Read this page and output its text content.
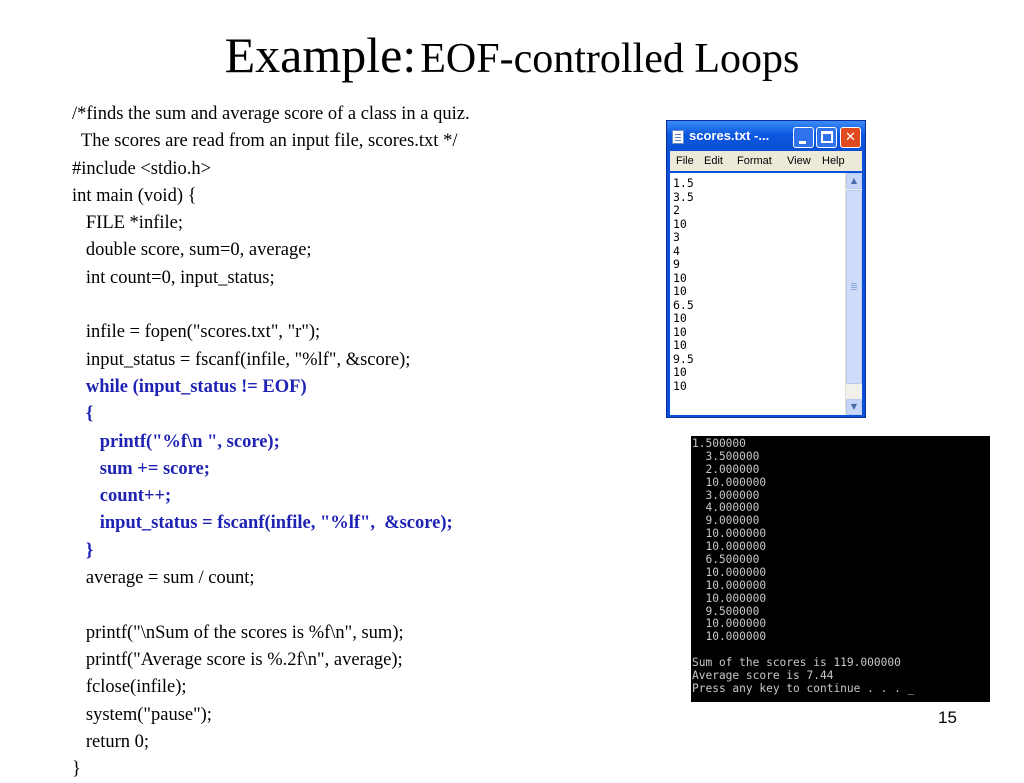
Example: EOF-controlled Loops
/*finds the sum and average score of a class in a quiz.
The scores are read from an input file, scores.txt */
#include <stdio.h>
int main (void) {
FILE *infile;
double score, sum=0, average;
int count=0, input_status;
infile = fopen("scores.txt", "r");
input_status = fscanf(infile, "%lf", &score);
while (input_status != EOF)
{
printf("%f\n ", score);
sum += score;
count++;
input_status = fscanf(infile, "%lf",  &score);
}
average = sum / count;
printf("\nSum of the scores is %f\n", sum);
printf("Average score is %.2f\n", average);
fclose(infile);
system("pause");
return 0;
}
scores.txt -...
✕
File Edit Format View Help
1.5
3.5
2
10
3
4
9
10
10
6.5
10
10
10
9.5
10
10
▲
▼
1.500000
3.500000
2.000000
10.000000
3.000000
4.000000
9.000000
10.000000
10.000000
6.500000
10.000000
10.000000
10.000000
9.500000
10.000000
10.000000
Sum of the scores is 119.000000
Average score is 7.44
Press any key to continue . . . _
15
